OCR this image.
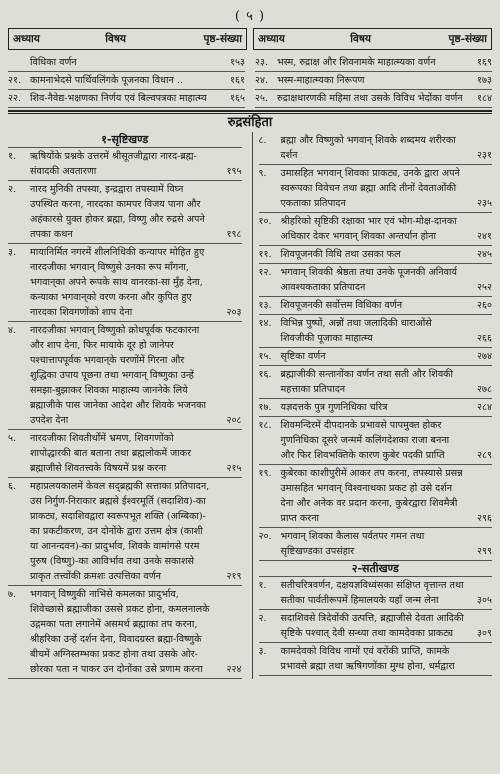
( ५ )
अध्याय	विषय	पृष्ठ-संख्या अध्याय	विषय	पृष्ठ-संख्या
विधिका वर्णन	१५३
२१. कामनाभेदसे पार्थिवलिंगके पूजनका विधान ..	१६१
२२. शिव-नैवेद्य-भक्षणका निर्णय एवं बिल्वपत्रका माहात्म्य	१६५
२३. भस्म, रुद्राक्ष और शिवनामके माहात्म्यका वर्णन	१६९
२४. भस्म-माहात्म्यका निरूपण	१७३
२५. रुद्राक्षधारणकी महिमा तथा उसके विविध भेदोंका वर्णन	१८४
रुद्रसंहिता
१-सृष्टिखण्ड
१.	ऋषियोंके प्रश्नके उत्तरमें श्रीसूतजीद्वारा नारद-ब्रह्म-संवादकी अवतारणा	१९५
२.	नारद मुनिकी तपस्या, इन्द्रद्वारा तपस्यामें विघ्न उपस्थित करना, नारदका कामपर विजय पाना और अहंकारसे युक्त होकर ब्रह्मा, विष्णु और रुद्रसे अपने तपका कथन	१९८
३.	मायानिर्मित नगरमें शीलनिधिकी कन्यापर मोहित हुए नारदजीका भगवान् विष्णुसे उनका रूप माँगना, भगवान्‌का अपने रूपके साथ वानरका-सा मुँह देना, कन्याका भगवान्‌को वरण करना और कुपित हुए नारदका शिवगणोंको शाप देना	२०३
४.	नारदजीका भगवान् विष्णुको क्रोधपूर्वक फटकारना और शाप देना, फिर मायाके दूर हो जानेपर पश्चात्तापपूर्वक भगवान्‌के चरणोंमें गिरना और शुद्धिका उपाय पूछना तथा भगवान् विष्णुका उन्हें समझा-बुझाकर शिवका माहात्म्य जाननेके लिये ब्रह्माजीके पास जानेका आदेश और शिवके भजनका उपदेश देना	२०८
५.	नारदजीका शिवतीर्थोंमें भ्रमण, शिवगणोंको शापोद्धारकी बात बताना तथा ब्रह्मलोकमें जाकर ब्रह्माजीसे शिवतत्त्वके विषयमें प्रश्न करना	२१५
६.	महाप्रलयकालमें केवल सद्ब्रह्मकी सत्ताका प्रतिपादन, उस निर्गुण-निराकार ब्रह्मसे ईश्वरमूर्ति (सदाशिव)-का प्राकट्य, सदाशिवद्वारा स्वरूपभूत शक्ति (अम्बिका)-का प्रकटीकरण, उन दोनोंके द्वारा उत्तम क्षेत्र (काशी या आनन्दवन)-का प्रादुर्भाव, शिवके वामांगसे परम पुरुष (विष्णु)-का आविर्भाव तथा उनके सकाशसे प्राकृत तत्त्वोंकी क्रमशः उत्पत्तिका वर्णन	२१९
७.	भगवान् विष्णुकी नाभिसे कमलका प्रादुर्भाव, शिवेच्छासे ब्रह्माजीका उससे प्रकट होना, कमलनालके उद्गमका पता लगानेमें असमर्थ ब्रह्माका तप करना, श्रीहरिका उन्हें दर्शन देना, विवादग्रस्त ब्रह्मा-विष्णुके बीचमें अग्निस्तम्भका प्रकट होना तथा उसके ओर-छोरका पता न पाकर उन दोनोंका उसे प्रणाम करना	२२४
८.	ब्रह्मा और विष्णुको भगवान् शिवके शब्दमय शरीरका दर्शन	२३१
९.	उमासहित भगवान् शिवका प्राकट्य, उनके द्वारा अपने स्वरूपका विवेचन तथा ब्रह्मा आदि तीनों देवताओंकी एकताका प्रतिपादन	२३५
१०. श्रीहरिको सृष्टिकी रक्षाका भार एवं भोग-मोक्ष-दानका अधिकार देकर भगवान् शिवका अन्तर्धान होना	२४१
११. शिवपूजनकी विधि तथा उसका फल	२४५
१२. भगवान् शिवकी श्रेष्ठता तथा उनके पूजनकी अनिवार्य आवश्यकताका प्रतिपादन	२५२
१३. शिवपूजनकी सर्वोत्तम विधिका वर्णन	२६०
१४. विभिन्न पुष्पों, अन्नों तथा जलादिकी धाराओंसे शिवजीकी पूजाका माहात्म्य	२६६
१५. सृष्टिका वर्णन	२७४
१६. ब्रह्माजीकी सन्तानोंका वर्णन तथा सती और शिवकी महत्ताका प्रतिपादन	२७८
१७. यज्ञदत्तके पुत्र गुणनिधिका चरित्र	२८४
१८. शिवमन्दिरमें दीपदानके प्रभावसे पापमुक्त होकर गुणनिधिका दूसरे जन्ममें कलिंगदेशका राजा बनना और फिर शिवभक्तिके कारण कुबेर पदकी प्राप्ति	२८९
१९. कुबेरका काशीपुरीमें आकर तप करना, तपस्यासे प्रसन्न उमासहित भगवान् विश्वनाथका प्रकट हो उसे दर्शन देना और अनेक वर प्रदान करना, कुबेरद्वारा शिवमैत्री प्राप्त करना	२९६
२०. भगवान् शिवका कैलास पर्वतपर गमन तथा सृष्टिखण्डका उपसंहार	२९९
२-सतीखण्ड
१.	सतीचरित्रवर्णन, दक्षयज्ञविध्वंसका संक्षिप्त वृत्तान्त तथा सतीका पार्वतीरूपमें हिमालयके यहाँ जन्म लेना	३०५
२.	सदाशिवसे त्रिदेवोंकी उत्पत्ति, ब्रह्माजीसे देवता आदिकी सृष्टिके पश्चात् देवी सन्ध्या तथा कामदेवका प्राकट्य	३०९
३.	कामदेवको विविध नामों एवं वरोंकी प्राप्ति, कामके प्रभावसे ब्रह्मा तथा ऋषिगणोंका मुग्ध होना, धर्मद्वारा
